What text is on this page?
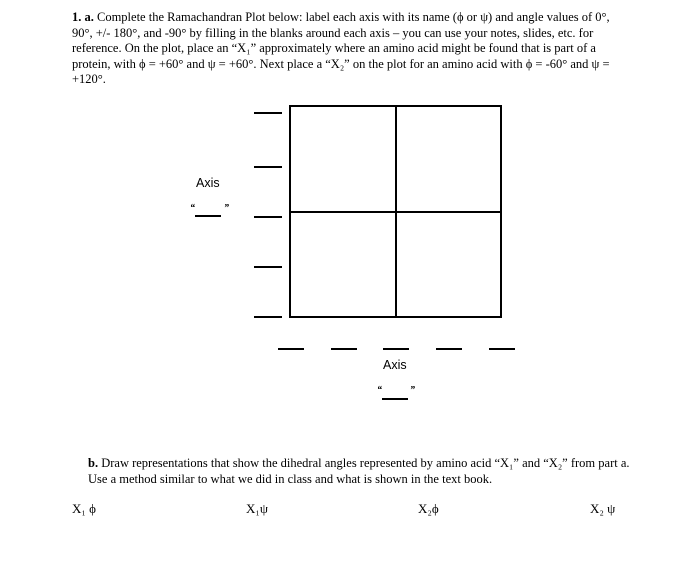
1. a. Complete the Ramachandran Plot below: label each axis with its name (ϕ or ψ) and angle values of 0°, 90°, +/- 180°, and -90° by filling in the blanks around each axis – you can use your notes, slides, etc. for reference. On the plot, place an “X₁” approximately where an amino acid might be found that is part of a protein, with ϕ = +60° and ψ = +60°. Next place a “X₂” on the plot for an amino acid with ϕ = -60° and ψ = +120°.
Axis
“	”
Axis
“	”
b. Draw representations that show the dihedral angles represented by amino acid “X₁” and “X₂” from part a. Use a method similar to what we did in class and what is shown in the text book.
X₁ ϕ	X₁ψ	X₂ϕ	X₂ ψ
